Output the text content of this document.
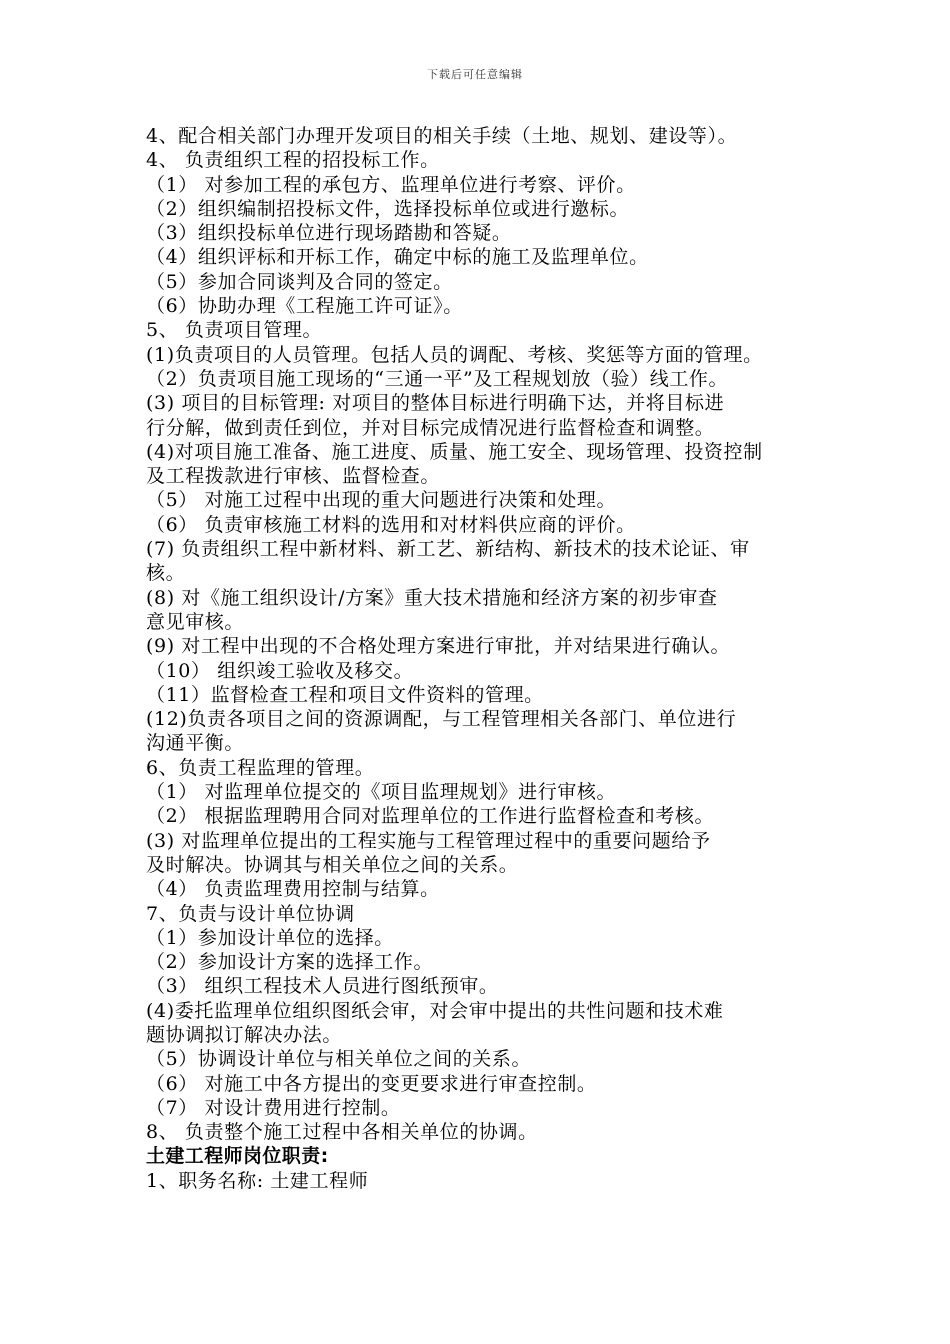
下载后可任意编辑
4、配合相关部门办理开发项目的相关手续（土地、规划、建设等）。
4、 负责组织工程的招投标工作。
（1） 对参加工程的承包方、监理单位进行考察、评价。
（2）组织编制招投标文件，选择投标单位或进行邀标。
（3）组织投标单位进行现场踏勘和答疑。
（4）组织评标和开标工作，确定中标的施工及监理单位。
（5）参加合同谈判及合同的签定。
（6）协助办理《工程施工许可证》。
5、 负责项目管理。
(1)负责项目的人员管理。包括人员的调配、考核、奖惩等方面的管理。
（2）负责项目施工现场的“三通一平”及工程规划放（验）线工作。
(3) 项目的目标管理: 对项目的整体目标进行明确下达，并将目标进
行分解，做到责任到位，并对目标完成情况进行监督检查和调整。
(4)对项目施工准备、施工进度、质量、施工安全、现场管理、投资控制
及工程拨款进行审核、监督检查。
（5） 对施工过程中出现的重大问题进行决策和处理。
（6） 负责审核施工材料的选用和对材料供应商的评价。
(7) 负责组织工程中新材料、新工艺、新结构、新技术的技术论证、审
核。
(8) 对《施工组织设计/方案》重大技术措施和经济方案的初步审查
意见审核。
(9) 对工程中出现的不合格处理方案进行审批，并对结果进行确认。
（10） 组织竣工验收及移交。
（11）监督检查工程和项目文件资料的管理。
(12)负责各项目之间的资源调配，与工程管理相关各部门、单位进行
沟通平衡。
6、负责工程监理的管理。
（1） 对监理单位提交的《项目监理规划》进行审核。
（2） 根据监理聘用合同对监理单位的工作进行监督检查和考核。
(3) 对监理单位提出的工程实施与工程管理过程中的重要问题给予
及时解决。协调其与相关单位之间的关系。
（4） 负责监理费用控制与结算。
7、负责与设计单位协调
（1）参加设计单位的选择。
（2）参加设计方案的选择工作。
（3） 组织工程技术人员进行图纸预审。
(4)委托监理单位组织图纸会审，对会审中提出的共性问题和技术难
题协调拟订解决办法。
（5）协调设计单位与相关单位之间的关系。
（6） 对施工中各方提出的变更要求进行审查控制。
（7） 对设计费用进行控制。
8、 负责整个施工过程中各相关单位的协调。
土建工程师岗位职责:
1、职务名称: 土建工程师
